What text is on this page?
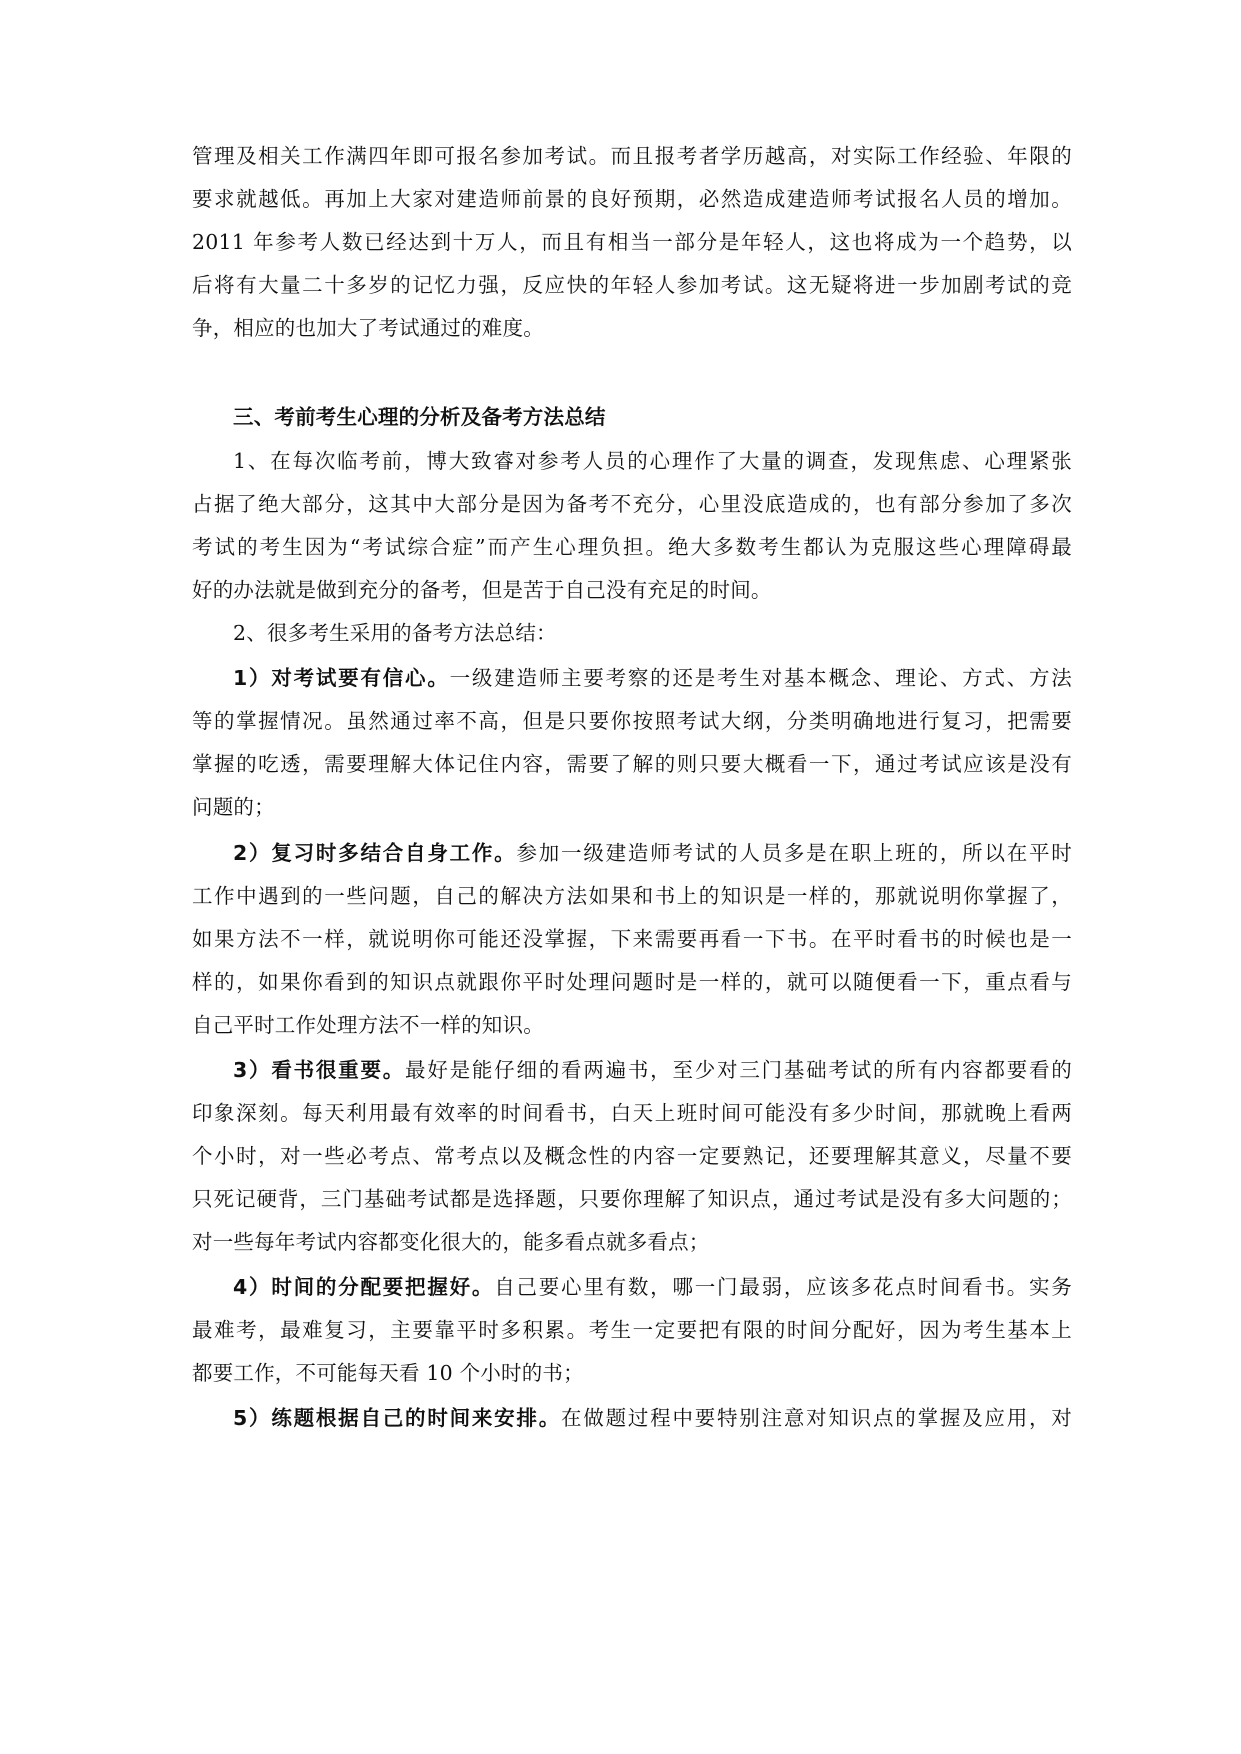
管理及相关工作满四年即可报名参加考试。而且报考者学历越高，对实际工作经验、年限的
要求就越低。再加上大家对建造师前景的良好预期，必然造成建造师考试报名人员的增加。
2011 年参考人数已经达到十万人，而且有相当一部分是年轻人，这也将成为一个趋势，以
后将有大量二十多岁的记忆力强，反应快的年轻人参加考试。这无疑将进一步加剧考试的竞
争，相应的也加大了考试通过的难度。
三、考前考生心理的分析及备考方法总结
1、在每次临考前，博大致睿对参考人员的心理作了大量的调查，发现焦虑、心理紧张
占据了绝大部分，这其中大部分是因为备考不充分，心里没底造成的，也有部分参加了多次
考试的考生因为“考试综合症”而产生心理负担。绝大多数考生都认为克服这些心理障碍最
好的办法就是做到充分的备考，但是苦于自己没有充足的时间。
2、很多考生采用的备考方法总结：
1）对考试要有信心。一级建造师主要考察的还是考生对基本概念、理论、方式、方法
等的掌握情况。虽然通过率不高，但是只要你按照考试大纲，分类明确地进行复习，把需要
掌握的吃透，需要理解大体记住内容，需要了解的则只要大概看一下，通过考试应该是没有
问题的；
2）复习时多结合自身工作。参加一级建造师考试的人员多是在职上班的，所以在平时
工作中遇到的一些问题，自己的解决方法如果和书上的知识是一样的，那就说明你掌握了，
如果方法不一样，就说明你可能还没掌握，下来需要再看一下书。在平时看书的时候也是一
样的，如果你看到的知识点就跟你平时处理问题时是一样的，就可以随便看一下，重点看与
自己平时工作处理方法不一样的知识。
3）看书很重要。最好是能仔细的看两遍书，至少对三门基础考试的所有内容都要看的
印象深刻。每天利用最有效率的时间看书，白天上班时间可能没有多少时间，那就晚上看两
个小时，对一些必考点、常考点以及概念性的内容一定要熟记，还要理解其意义，尽量不要
只死记硬背，三门基础考试都是选择题，只要你理解了知识点，通过考试是没有多大问题的；
对一些每年考试内容都变化很大的，能多看点就多看点；
4）时间的分配要把握好。自己要心里有数，哪一门最弱，应该多花点时间看书。实务
最难考，最难复习，主要靠平时多积累。考生一定要把有限的时间分配好，因为考生基本上
都要工作，不可能每天看 10 个小时的书；
5）练题根据自己的时间来安排。在做题过程中要特别注意对知识点的掌握及应用，对
